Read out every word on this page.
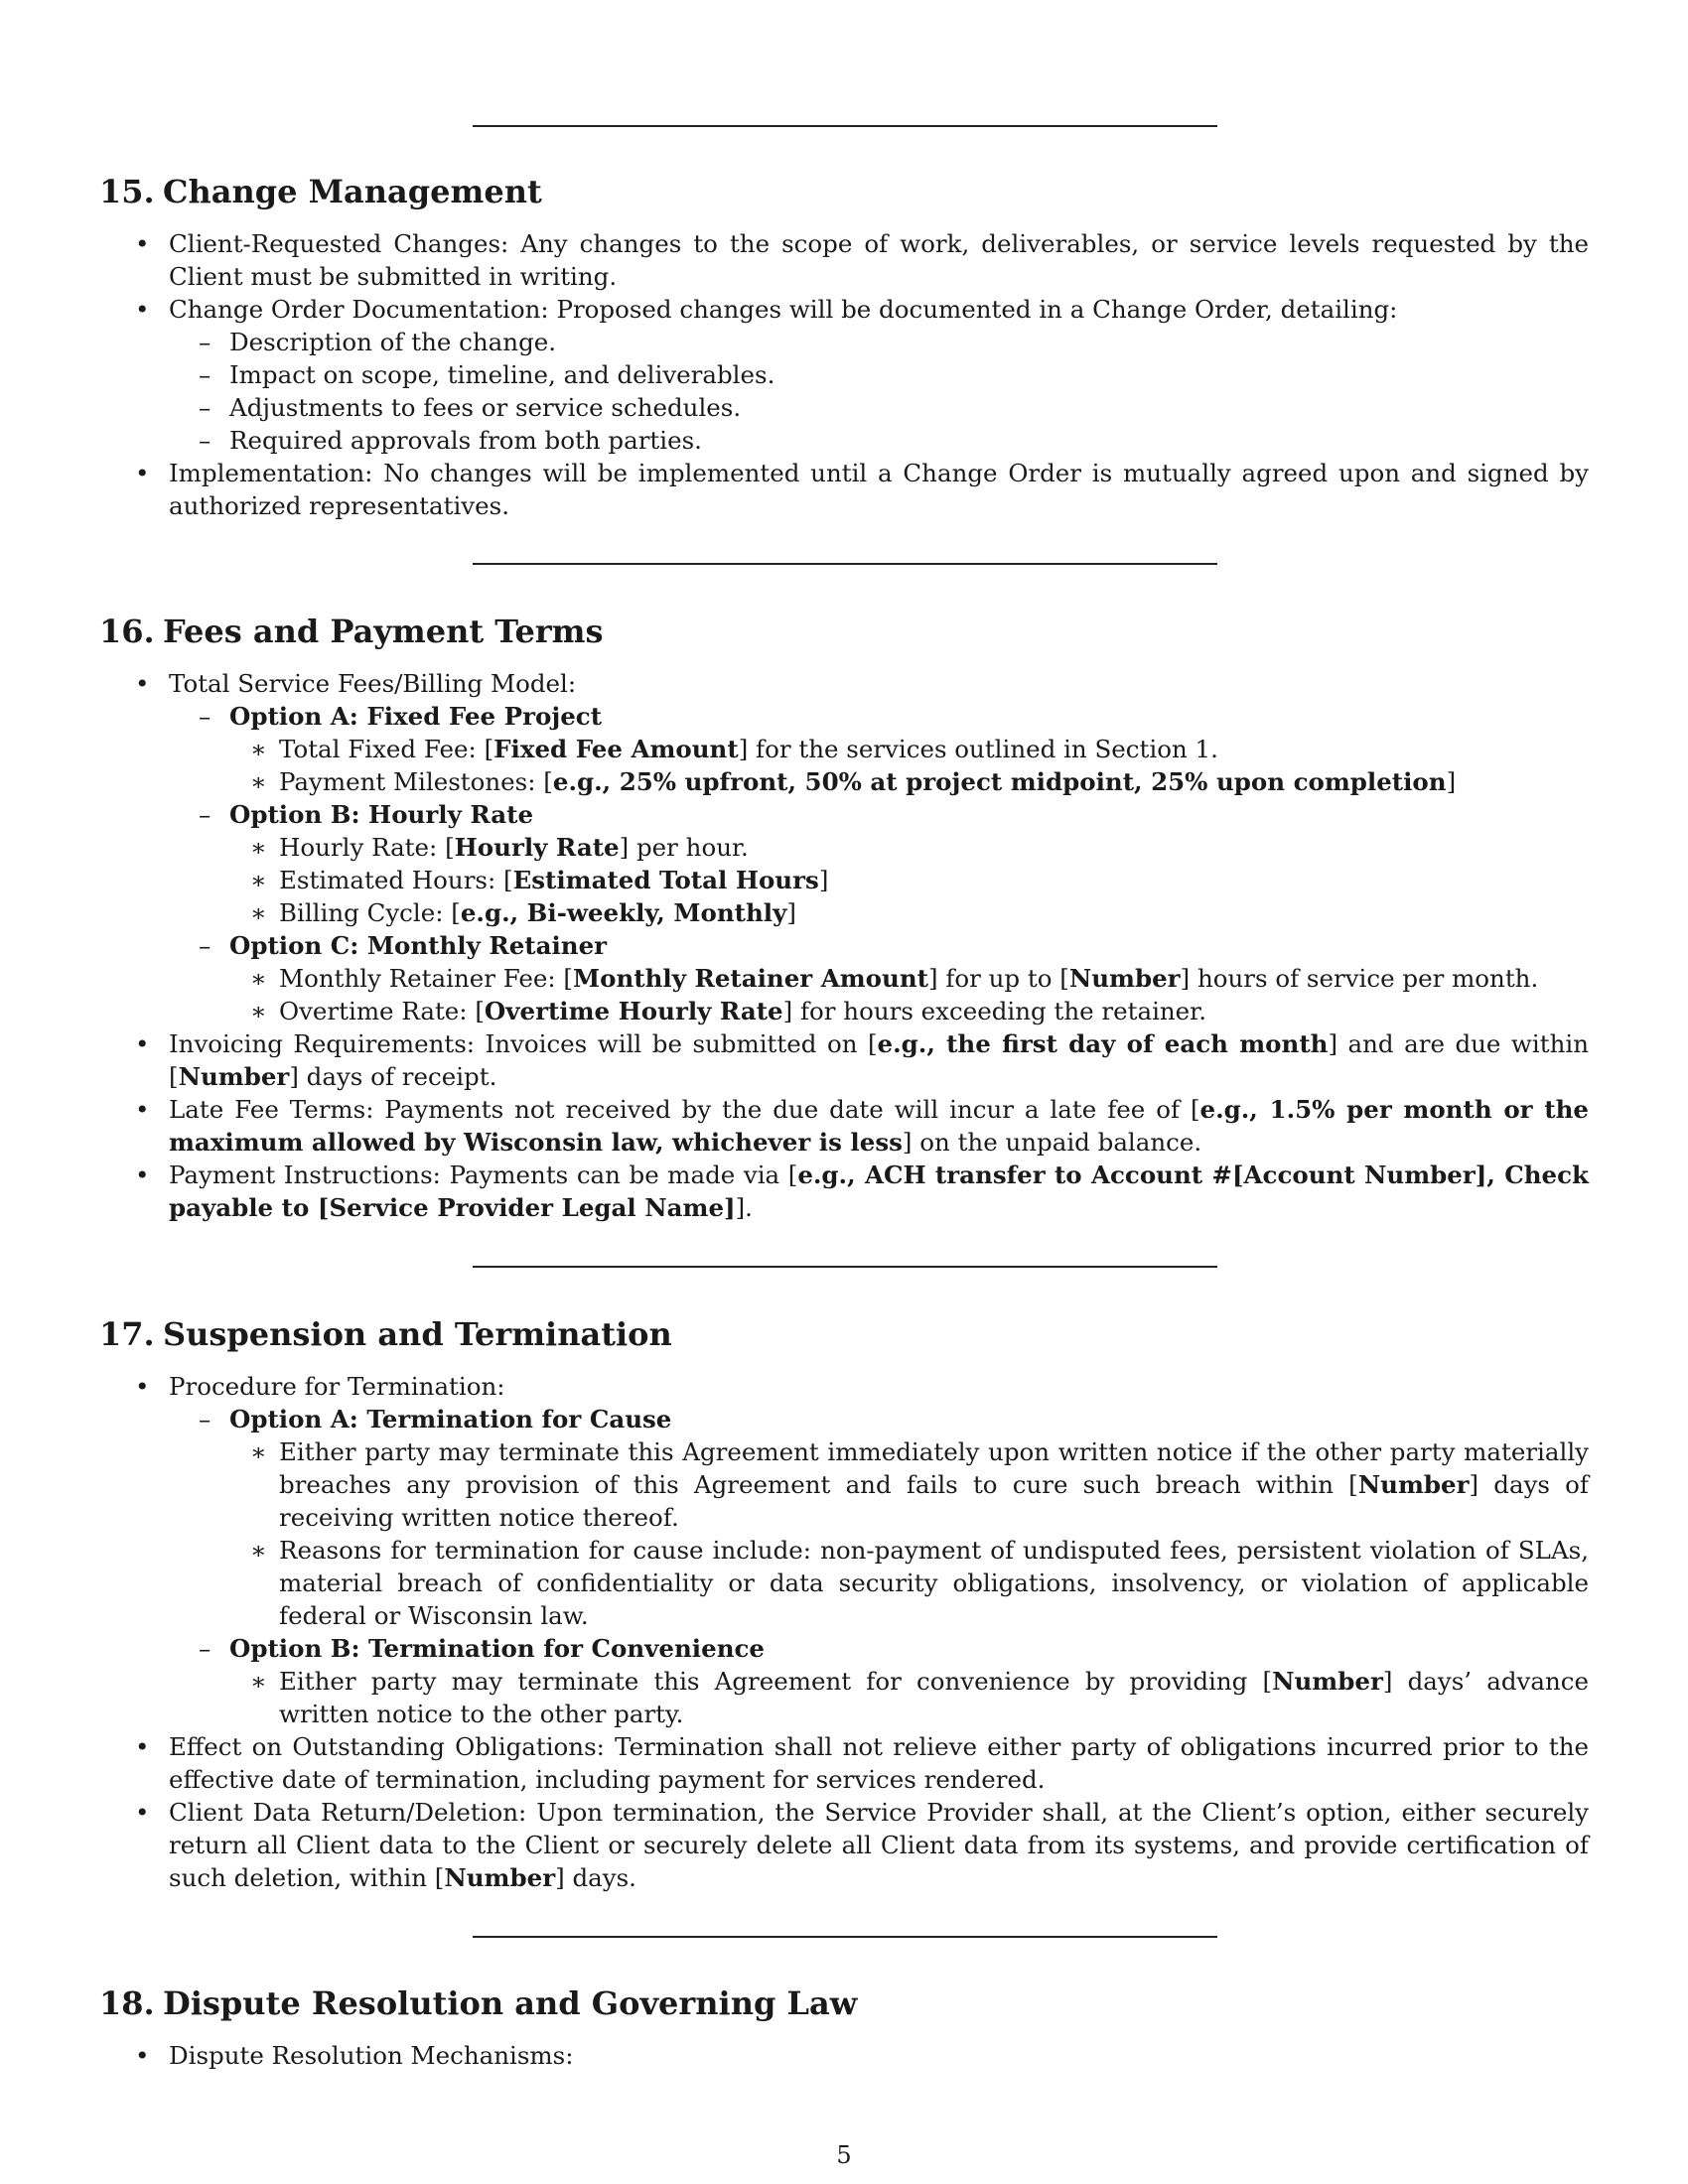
15. Change Management
• Client-Requested Changes: Any changes to the scope of work, deliverables, or service levels requested by the Client must be submitted in writing.
• Change Order Documentation: Proposed changes will be documented in a Change Order, detailing:
– Description of the change.
– Impact on scope, timeline, and deliverables.
– Adjustments to fees or service schedules.
– Required approvals from both parties.
• Implementation: No changes will be implemented until a Change Order is mutually agreed upon and signed by authorized representatives.
16. Fees and Payment Terms
• Total Service Fees/Billing Model:
– Option A: Fixed Fee Project
∗ Total Fixed Fee: [Fixed Fee Amount] for the services outlined in Section 1.
∗ Payment Milestones: [e.g., 25% upfront, 50% at project midpoint, 25% upon completion]
– Option B: Hourly Rate
∗ Hourly Rate: [Hourly Rate] per hour.
∗ Estimated Hours: [Estimated Total Hours]
∗ Billing Cycle: [e.g., Bi-weekly, Monthly]
– Option C: Monthly Retainer
∗ Monthly Retainer Fee: [Monthly Retainer Amount] for up to [Number] hours of service per month.
∗ Overtime Rate: [Overtime Hourly Rate] for hours exceeding the retainer.
• Invoicing Requirements: Invoices will be submitted on [e.g., the first day of each month] and are due within [Number] days of receipt.
• Late Fee Terms: Payments not received by the due date will incur a late fee of [e.g., 1.5% per month or the maximum allowed by Wisconsin law, whichever is less] on the unpaid balance.
• Payment Instructions: Payments can be made via [e.g., ACH transfer to Account #[Account Number], Check payable to [Service Provider Legal Name]].
17. Suspension and Termination
• Procedure for Termination:
– Option A: Termination for Cause
∗ Either party may terminate this Agreement immediately upon written notice if the other party materially breaches any provision of this Agreement and fails to cure such breach within [Number] days of receiving written notice thereof.
∗ Reasons for termination for cause include: non-payment of undisputed fees, persistent violation of SLAs, material breach of confidentiality or data security obligations, insolvency, or violation of applicable federal or Wisconsin law.
– Option B: Termination for Convenience
∗ Either party may terminate this Agreement for convenience by providing [Number] days’ advance written notice to the other party.
• Effect on Outstanding Obligations: Termination shall not relieve either party of obligations incurred prior to the effective date of termination, including payment for services rendered.
• Client Data Return/Deletion: Upon termination, the Service Provider shall, at the Client’s option, either securely return all Client data to the Client or securely delete all Client data from its systems, and provide certification of such deletion, within [Number] days.
18. Dispute Resolution and Governing Law
• Dispute Resolution Mechanisms:
5
